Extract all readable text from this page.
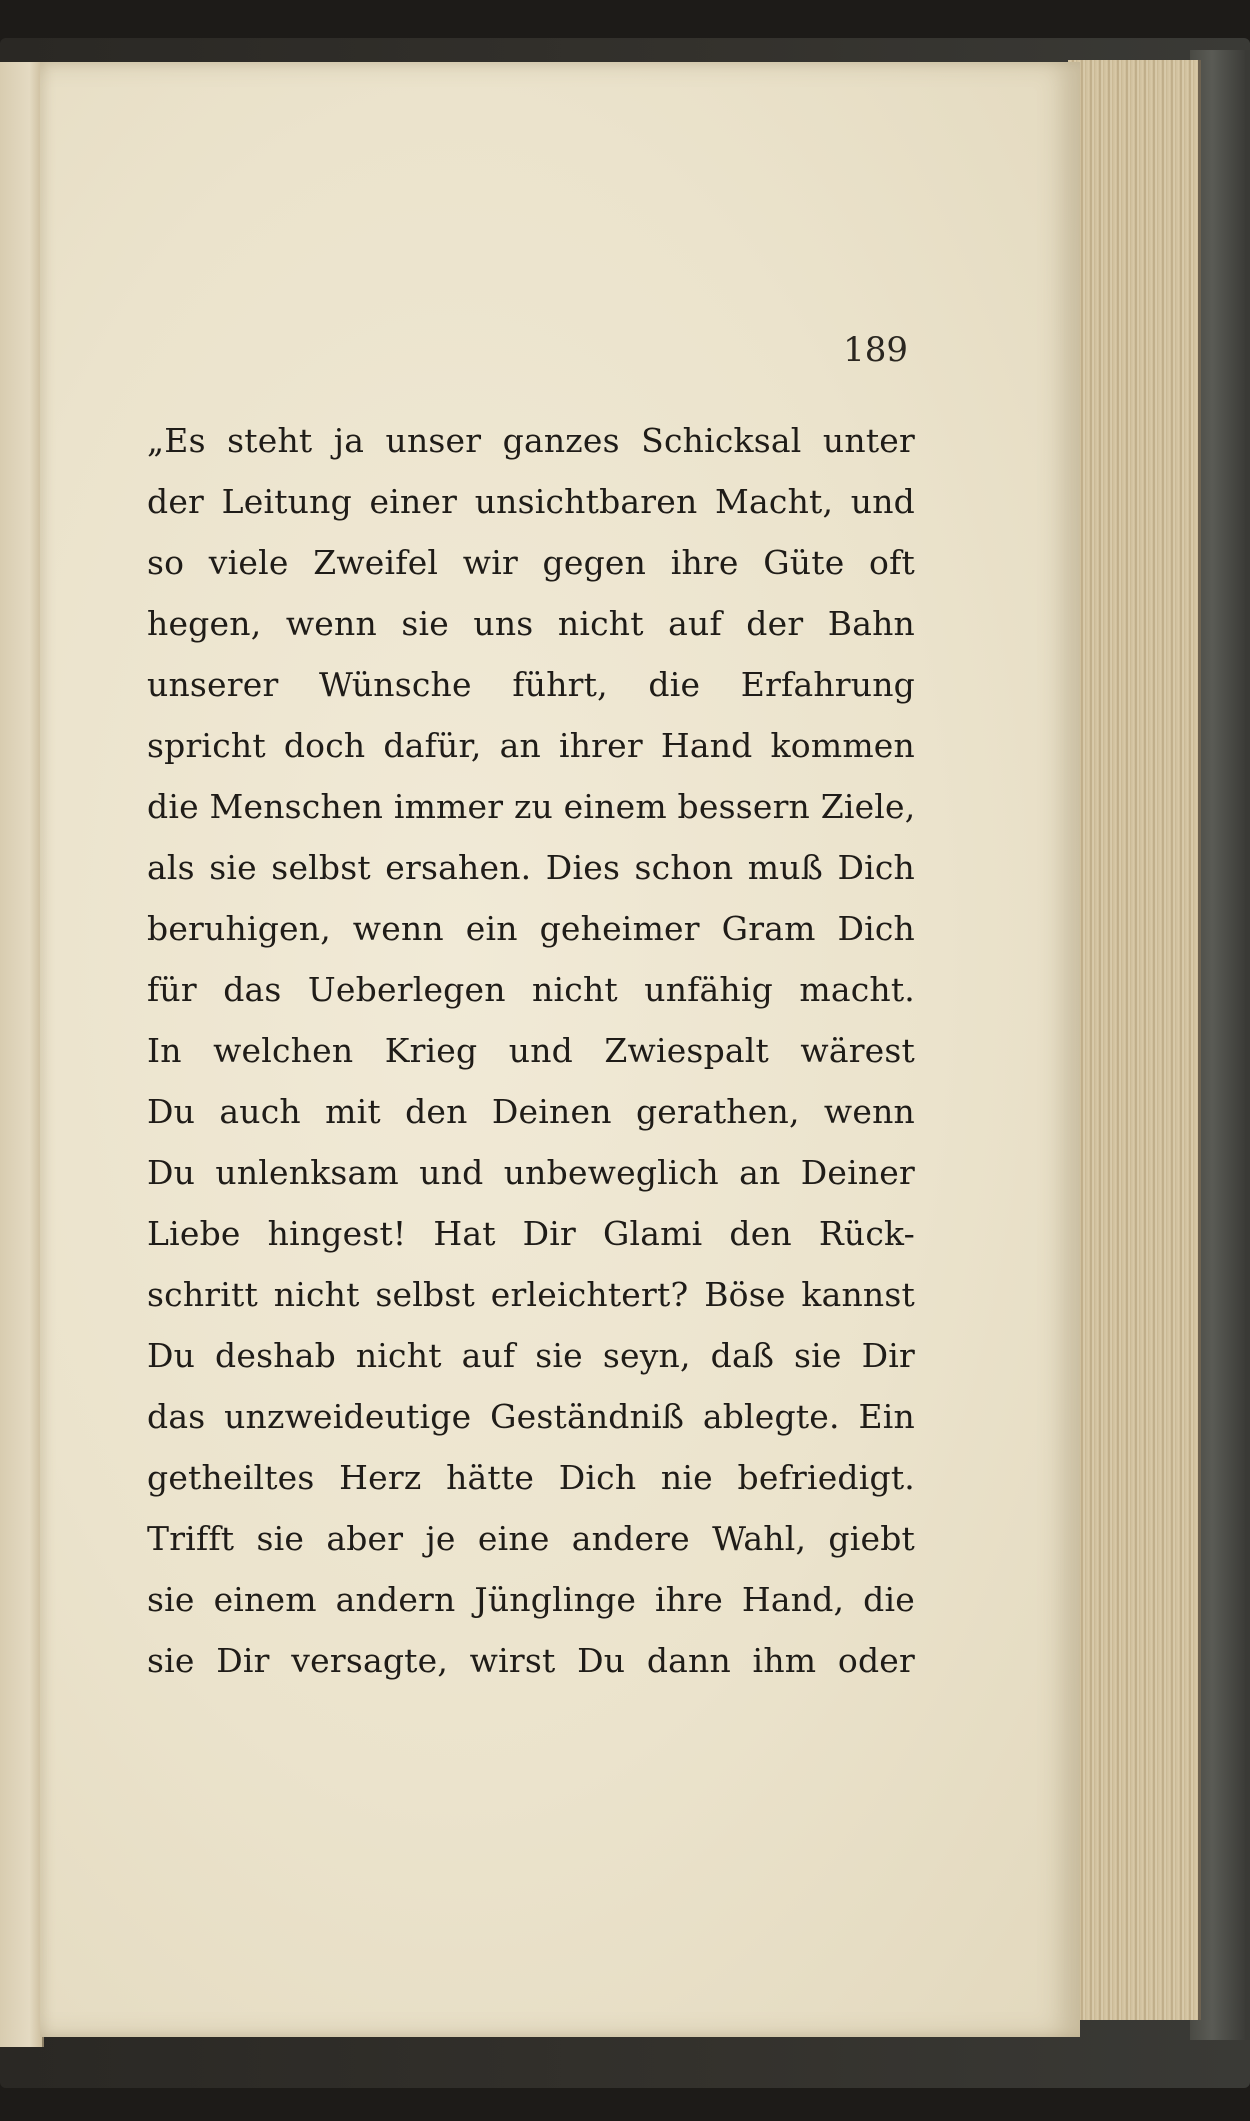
189
„Es steht ja unser ganzes Schicksal unter
der Leitung einer unsichtbaren Macht, und
so viele Zweifel wir gegen ihre Güte oft
hegen, wenn sie uns nicht auf der Bahn
unserer Wünsche führt, die Erfahrung
spricht doch dafür, an ihrer Hand kommen
die Menschen immer zu einem bessern Ziele,
als sie selbst ersahen. Dies schon muß Dich
beruhigen, wenn ein geheimer Gram Dich
für das Ueberlegen nicht unfähig macht.
In welchen Krieg und Zwiespalt wärest
Du auch mit den Deinen gerathen, wenn
Du unlenksam und unbeweglich an Deiner
Liebe hingest! Hat Dir Glami den Rück-
schritt nicht selbst erleichtert? Böse kannst
Du deshab nicht auf sie seyn, daß sie Dir
das unzweideutige Geständniß ablegte. Ein
getheiltes Herz hätte Dich nie befriedigt.
Trifft sie aber je eine andere Wahl, giebt
sie einem andern Jünglinge ihre Hand, die
sie Dir versagte, wirst Du dann ihm oder
